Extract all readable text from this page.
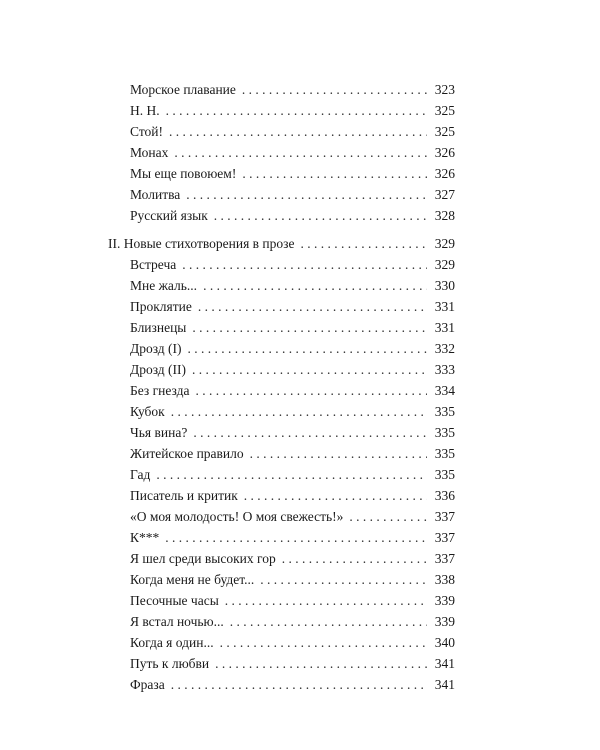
Морское плавание . . .	323
Н. Н. . . .	325
Стой! . . .	325
Монах . . .	326
Мы еще повоюем! . . .	326
Молитва . . .	327
Русский язык . . .	328
II. Новые стихотворения в прозе . . .	329
Встреча . . .	329
Мне жаль... . . .	330
Проклятие . . .	331
Близнецы . . .	331
Дрозд (I) . . .	332
Дрозд (II) . . .	333
Без гнезда . . .	334
Кубок . . .	335
Чья вина? . . .	335
Житейское правило . . .	335
Гад . . .	335
Писатель и критик . . .	336
«О моя молодость! О моя свежесть!» . . .	337
К*** . . .	337
Я шел среди высоких гор . . .	337
Когда меня не будет... . . .	338
Песочные часы . . .	339
Я встал ночью... . . .	339
Когда я один... . . .	340
Путь к любви . . .	341
Фраза . . .	341
